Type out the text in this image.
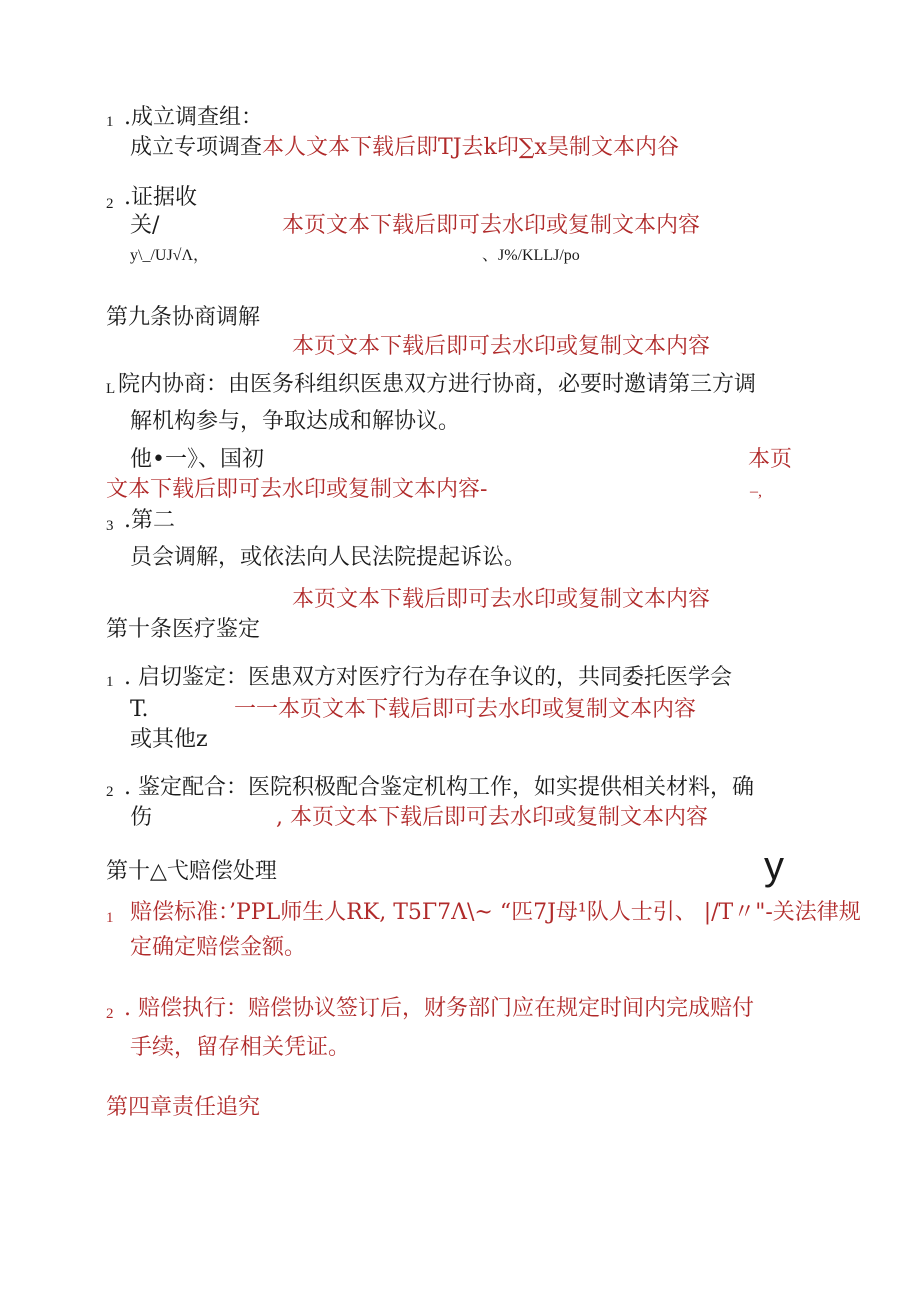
1 .成立调查组：
成立专项调查本人文本下载后即TJ去k印∑x昊制文本内谷
2 .证据收
关/	本页文本下载后即可去水印或复制文本内容
y\_/UJ√Λ，	、J%/KLLJ/po
第九条协商调解
本页文本下载后即可去水印或复制文本内容
L 院内协商：由医务科组织医患双方进行协商，必要时邀请第三方调
解机构参与，争取达成和解协议。
他•一》、国初	本页
文本下载后即可去水印或复制文本内容-	–,
3 .第二
员会调解，或依法向人民法院提起诉讼。
本页文本下载后即可去水印或复制文本内容
第十条医疗鉴定
1 . 启切鉴定：医患双方对医疗行为存在争议的，共同委托医学会
T.	一一本页文本下载后即可去水印或复制文本内容
或其他z
2 . 鉴定配合：医院积极配合鉴定机构工作，如实提供相关材料，确
伤	, 本页文本下载后即可去水印或复制文本内容
第十△弋赔偿处理	y
1 赔偿标准：’PPL师生人RK, T5Γ7Λ\~ “匹7J母¹队人士引、 |/T〃"-关法律规
定确定赔偿金额。
2 . 赔偿执行：赔偿协议签订后，财务部门应在规定时间内完成赔付
手续，留存相关凭证。
第四章责任追究
